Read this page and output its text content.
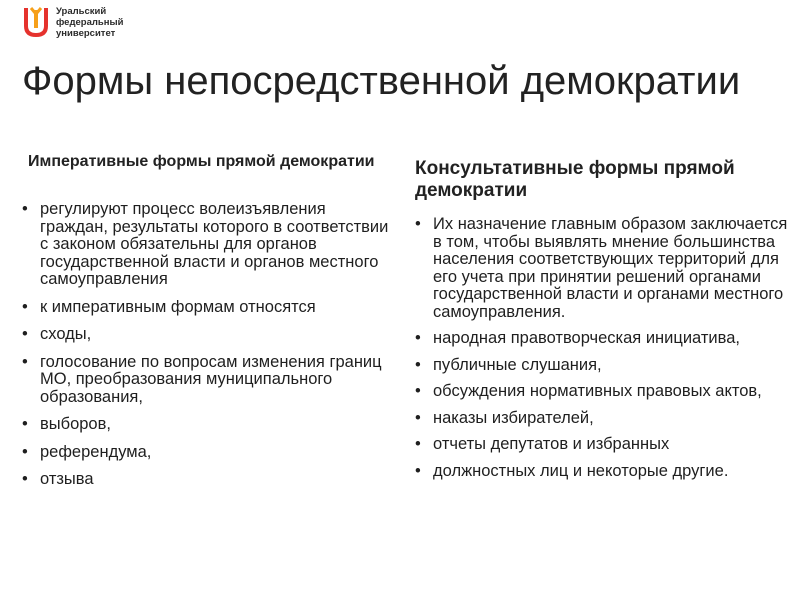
Уральский
федеральный
университет
Формы непосредственной демократии

Императивные формы прямой демократии

• регулируют процесс волеизъявления граждан, результаты которого в соответствии с законом обязательны для органов государственной власти и органов местного самоуправления
• к императивным формам относятся
• сходы,
• голосование по вопросам изменения границ МО, преобразования муниципального образования,
• выборов,
• референдума,
• отзыва

Консультативные формы прямой демократии

• Их назначение главным образом заключается в том, чтобы выявлять мнение большинства населения соответствующих территорий для его учета при принятии решений органами государственной власти и органами местного самоуправления.
• народная правотворческая инициатива,
• публичные слушания,
• обсуждения нормативных правовых актов,
• наказы избирателей,
• отчеты депутатов и избранных
• должностных лиц и некоторые другие.
